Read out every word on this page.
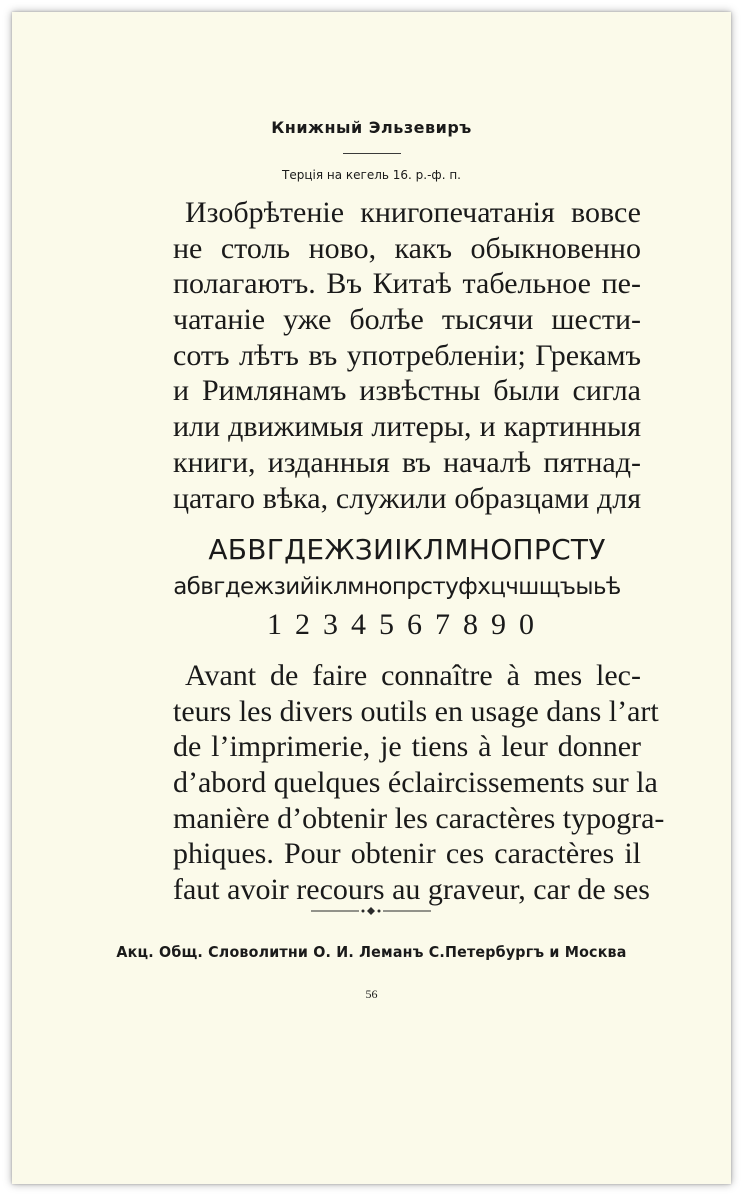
Книжный Эльзевиръ
Терція на кегель 16. р.-ф. п.

Изобрѣтеніе книгопечатанія вовсе
не столь ново, какъ обыкновенно
полагаютъ. Въ Китаѣ табельное пе-
чатаніе уже болѣе тысячи шести-
сотъ лѣтъ въ употребленіи; Грекамъ
и Римлянамъ извѣстны были сигла
или движимыя литеры, и картинныя
книги, изданныя въ началѣ пятнад-
цатаго вѣка, служили образцами для

АБВГДЕЖЗИІКЛМНОПРСТУ
абвгдежзийіклмнопрстуфхцчшщъыьѣ
1234567890

Avant de faire connaître à mes lec-
teurs les divers outils en usage dans l’art
de l’imprimerie, je tiens à leur donner
d’abord quelques éclaircissements sur la
manière d’obtenir les caractères typogra-
phiques. Pour obtenir ces caractères il
faut avoir recours au graveur, car de ses

Акц. Общ. Словолитни О. И. Леманъ С.Петербургъ и Москва
56
